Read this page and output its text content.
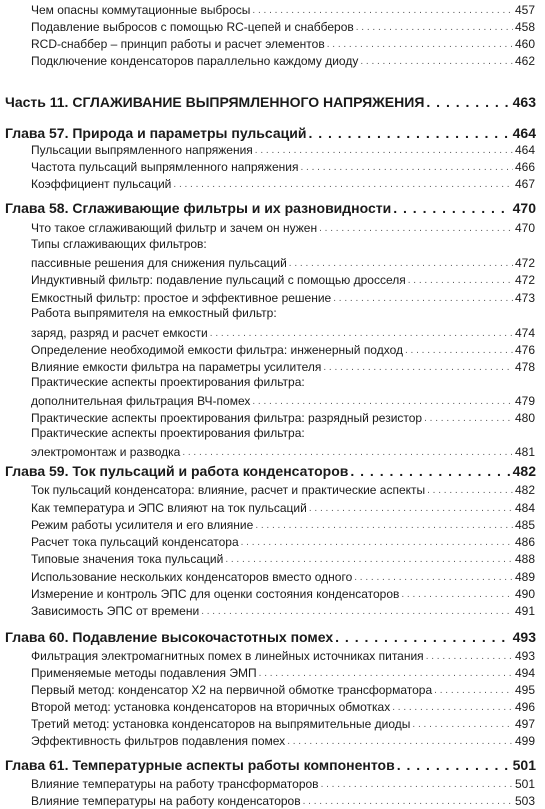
Чем опасны коммутационные выбросы . . .	457
Подавление выбросов с помощью RC-цепей и снабберов . . .	458
RCD-снаббер – принцип работы и расчет элементов . . .	460
Подключение конденсаторов параллельно каждому диоду . . .	462
Часть 11. СГЛАЖИВАНИЕ ВЫПРЯМЛЕННОГО НАПРЯЖЕНИЯ . . .	463
Глава 57. Природа и параметры пульсаций . . .	464
Пульсации выпрямленного напряжения . . .	464
Частота пульсаций выпрямленного напряжения . . .	466
Коэффициент пульсаций . . .	467
Глава 58. Сглаживающие фильтры и их разновидности . . .	470
Что такое сглаживающий фильтр и зачем он нужен . . .	470
Типы сглаживающих фильтров:
пассивные решения для снижения пульсаций . . .	472
Индуктивный фильтр: подавление пульсаций с помощью дросселя . . .	472
Емкостный фильтр: простое и эффективное решение . . .	473
Работа выпрямителя на емкостный фильтр:
заряд, разряд и расчет емкости . . .	474
Определение необходимой емкости фильтра: инженерный подход . . .	476
Влияние емкости фильтра на параметры усилителя . . .	478
Практические аспекты проектирования фильтра:
дополнительная фильтрация ВЧ-помех . . .	479
Практические аспекты проектирования фильтра: разрядный резистор . . .	480
Практические аспекты проектирования фильтра:
электромонтаж и разводка . . .	481
Глава 59. Ток пульсаций и работа конденсаторов . . .	482
Ток пульсаций конденсатора: влияние, расчет и практические аспекты . . .	482
Как температура и ЭПС влияют на ток пульсаций . . .	484
Режим работы усилителя и его влияние . . .	485
Расчет тока пульсаций конденсатора . . .	486
Типовые значения тока пульсаций . . .	488
Использование нескольких конденсаторов вместо одного . . .	489
Измерение и контроль ЭПС для оценки состояния конденсаторов . . .	490
Зависимость ЭПС от времени . . .	491
Глава 60. Подавление высокочастотных помех . . .	493
Фильтрация электромагнитных помех в линейных источниках питания . . .	493
Применяемые методы подавления ЭМП . . .	494
Первый метод: конденсатор X2 на первичной обмотке трансформатора . . .	495
Второй метод: установка конденсаторов на вторичных обмотках . . .	496
Третий метод: установка конденсаторов на выпрямительные диоды . . .	497
Эффективность фильтров подавления помех . . .	499
Глава 61. Температурные аспекты работы компонентов . . .	501
Влияние температуры на работу трансформаторов . . .	501
Влияние температуры на работу конденсаторов . . .	503
